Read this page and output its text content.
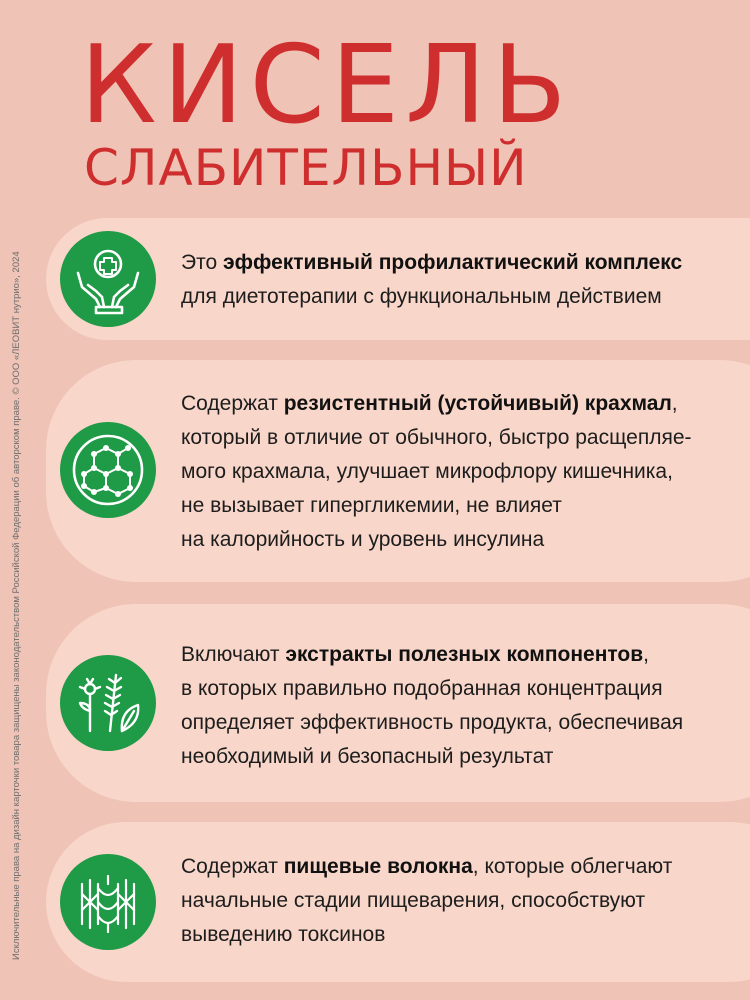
КИСЕЛЬ
СЛАБИТЕЛЬНЫЙ
Исключительные права на дизайн карточки товара защищены законодательством Российской Федерации об авторском праве. © ООО «ЛЕОВИТ нутрио», 2024	Это эффективный профилактический комплекс
для диетотерапии с функциональным действием
Содержат резистентный (устойчивый) крахмал,
который в отличие от обычного, быстро расщепляе-
мого крахмала, улучшает микрофлору кишечника,
не вызывает гипергликемии, не влияет
на калорийность и уровень инсулина
Включают экстракты полезных компонентов,
в которых правильно подобранная концентрация
определяет эффективность продукта, обеспечивая
необходимый и безопасный результат
Содержат пищевые волокна, которые облегчают
начальные стадии пищеварения, способствуют
выведению токсинов
